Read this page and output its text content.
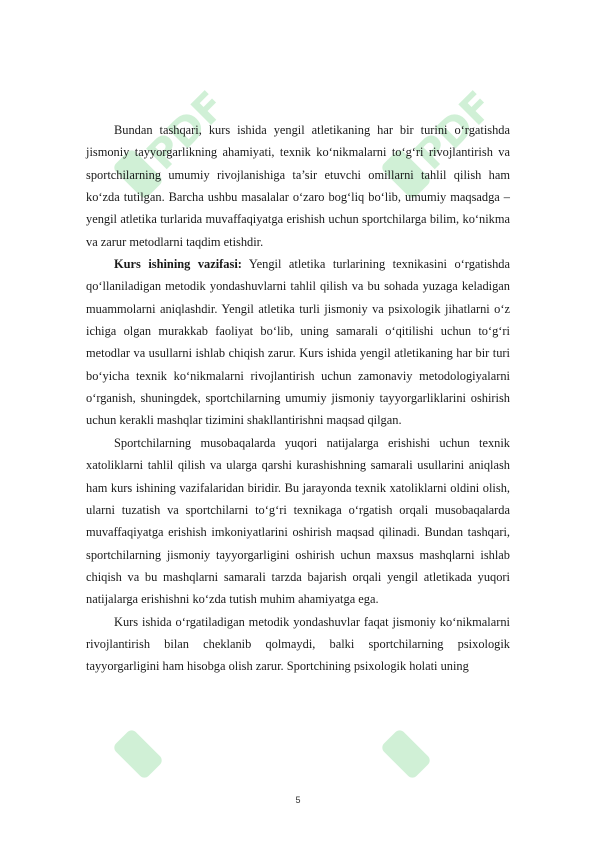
PDF	PDF

Bundan tashqari, kurs ishida yengil atletikaning har bir turini o‘rgatishda jismoniy tayyorgarlikning ahamiyati, texnik ko‘nikmalarni to‘g‘ri rivojlantirish va sportchilarning umumiy rivojlanishiga ta’sir etuvchi omillarni tahlil qilish ham ko‘zda tutilgan. Barcha ushbu masalalar o‘zaro bog‘liq bo‘lib, umumiy maqsadga – yengil atletika turlarida muvaffaqiyatga erishish uchun sportchilarga bilim, ko‘nikma va zarur metodlarni taqdim etishdir.

Kurs ishining vazifasi: Yengil atletika turlarining texnikasini o‘rgatishda qo‘llaniladigan metodik yondashuvlarni tahlil qilish va bu sohada yuzaga keladigan muammolarni aniqlashdir. Yengil atletika turli jismoniy va psixologik jihatlarni o‘z ichiga olgan murakkab faoliyat bo‘lib, uning samarali o‘qitilishi uchun to‘g‘ri metodlar va usullarni ishlab chiqish zarur. Kurs ishida yengil atletikaning har bir turi bo‘yicha texnik ko‘nikmalarni rivojlantirish uchun zamonaviy metodologiyalarni o‘rganish, shuningdek, sportchilarning umumiy jismoniy tayyorgarliklarini oshirish uchun kerakli mashqlar tizimini shakllantirishni maqsad qilgan.

Sportchilarning musobaqalarda yuqori natijalarga erishishi uchun texnik xatoliklarni tahlil qilish va ularga qarshi kurashishning samarali usullarini aniqlash ham kurs ishining vazifalaridan biridir. Bu jarayonda texnik xatoliklarni oldini olish, ularni tuzatish va sportchilarni to‘g‘ri texnikaga o‘rgatish orqali musobaqalarda muvaffaqiyatga erishish imkoniyatlarini oshirish maqsad qilinadi. Bundan tashqari, sportchilarning jismoniy tayyorgarligini oshirish uchun maxsus mashqlarni ishlab chiqish va bu mashqlarni samarali tarzda bajarish orqali yengil atletikada yuqori natijalarga erishishni ko‘zda tutish muhim ahamiyatga ega.

Kurs ishida o‘rgatiladigan metodik yondashuvlar faqat jismoniy ko‘nikmalarni rivojlantirish bilan cheklanib qolmaydi, balki sportchilarning psixologik tayyorgarligini ham hisobga olish zarur. Sportchining psixologik holati uning

5
